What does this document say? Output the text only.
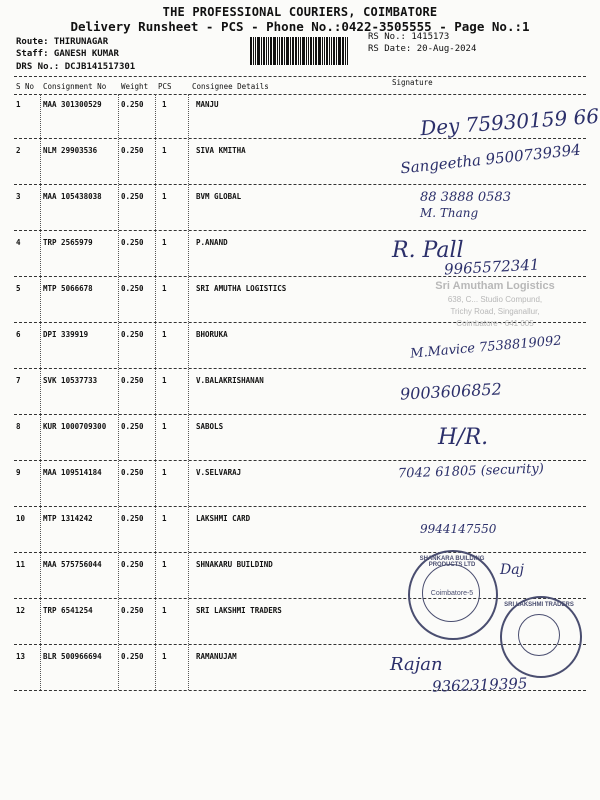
THE PROFESSIONAL COURIERS, COIMBATORE
Delivery Runsheet - PCS - Phone No.:0422-3505555 - Page No.:1
Route: THIRUNAGAR
Staff: GANESH KUMAR
DRS No.: DCJB141517301
RS No.: 1415173
RS Date: 20-Aug-2024
S No Consignment No Weight PCS	Consignee Details	Signature
1	MAA 301300529	0.250 1	MANJU
2	NLM 29903536	0.250 1	SIVA KMITHA
3	MAA 105438038	0.250 1	BVM GLOBAL
4	TRP 2565979	0.250 1	P.ANAND
5	MTP 5066678	0.250 1	SRI AMUTHA LOGISTICS
6	DPI 339919	0.250 1	BHORUKA
7	SVK 10537733	0.250 1	V.BALAKRISHANAN
8	KUR 1000709300 0.250 1	SABOLS
9	MAA 109514184	0.250 1	V.SELVARAJ
10 MTP 1314242	0.250 1	LAKSHMI CARD
11 MAA 575756044	0.250 1	SHNAKARU BUILDIND
12 TRP 6541254	0.250 1	SRI LAKSHMI TRADERS
13 BLR 500966694	0.250 1	RAMANUJAM
Sri Amutham Logistics
638, C... Studio Compund,
Trichy Road, Singanallur,
Coimbatore - 641 005
Dey 75930159 66
Sangeetha 9500739394
88 3888 0583
M. Thang
R. Pall
9965572341
M.Mavice 7538819092
9003606852
H/R.
7042 61805 (security)
9944147550
Daj
Rajan
9362319395
SHANKARA BUILDING PRODUCTS LTD
Coimbatore-5
SRI LAKSHMI TRADERS
